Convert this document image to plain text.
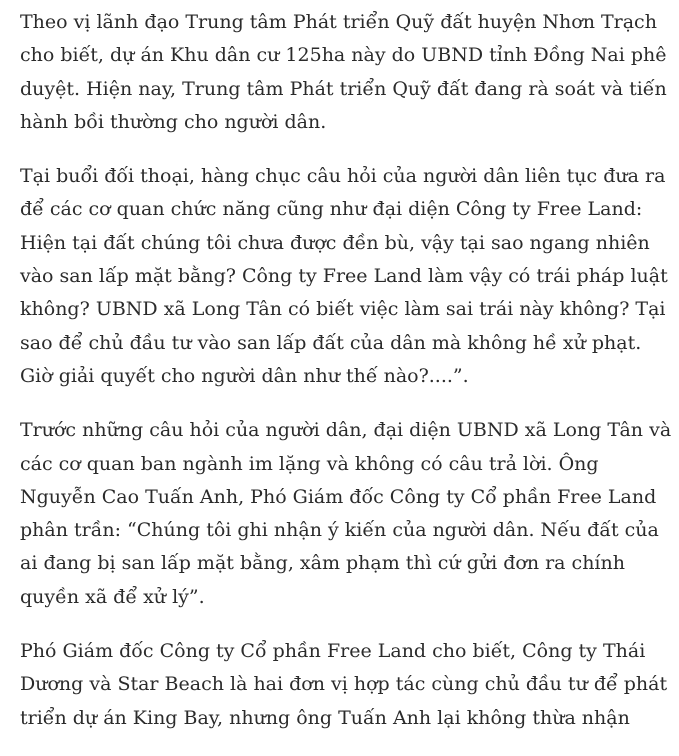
Theo vị lãnh đạo Trung tâm Phát triển Quỹ đất huyện Nhơn Trạch cho biết, dự án Khu dân cư 125ha này do UBND tỉnh Đồng Nai phê duyệt. Hiện nay, Trung tâm Phát triển Quỹ đất đang rà soát và tiến hành bồi thường cho người dân.

Tại buổi đối thoại, hàng chục câu hỏi của người dân liên tục đưa ra để các cơ quan chức năng cũng như đại diện Công ty Free Land: Hiện tại đất chúng tôi chưa được đền bù, vậy tại sao ngang nhiên vào san lấp mặt bằng? Công ty Free Land làm vậy có trái pháp luật không? UBND xã Long Tân có biết việc làm sai trái này không? Tại sao để chủ đầu tư vào san lấp đất của dân mà không hề xử phạt. Giờ giải quyết cho người dân như thế nào?....”.

Trước những câu hỏi của người dân, đại diện UBND xã Long Tân và các cơ quan ban ngành im lặng và không có câu trả lời. Ông Nguyễn Cao Tuấn Anh, Phó Giám đốc Công ty Cổ phần Free Land phân trần: “Chúng tôi ghi nhận ý kiến của người dân. Nếu đất của ai đang bị san lấp mặt bằng, xâm phạm thì cứ gửi đơn ra chính quyền xã để xử lý”.

Phó Giám đốc Công ty Cổ phần Free Land cho biết, Công ty Thái Dương và Star Beach là hai đơn vị hợp tác cùng chủ đầu tư để phát triển dự án King Bay, nhưng ông Tuấn Anh lại không thừa nhận
